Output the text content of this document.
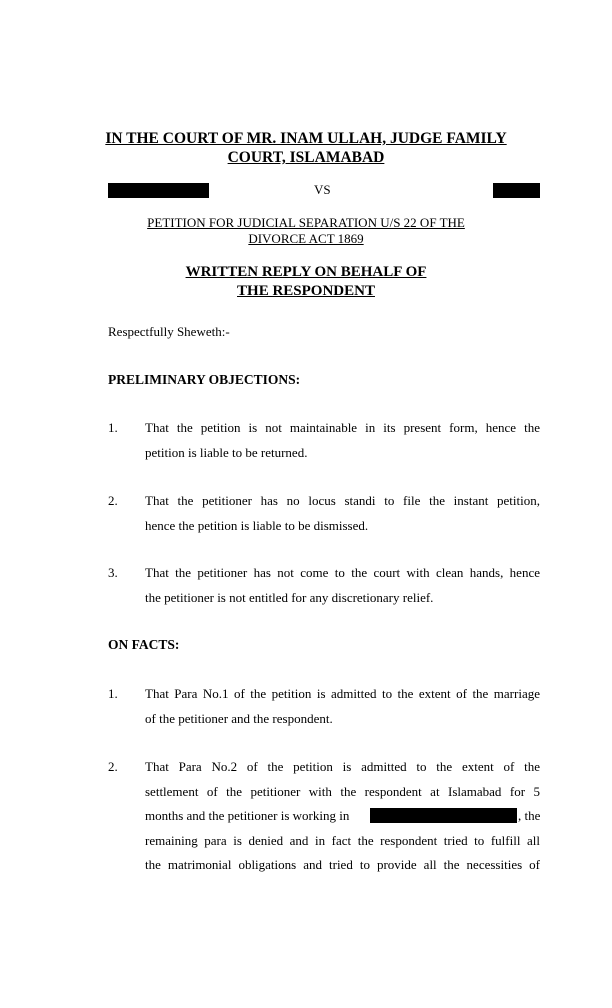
IN THE COURT OF MR. INAM ULLAH, JUDGE FAMILY
COURT, ISLAMABAD
VS
PETITION FOR JUDICIAL SEPARATION U/S 22 OF THE
DIVORCE ACT 1869
WRITTEN REPLY ON BEHALF OF
THE RESPONDENT
Respectfully Sheweth:-
PRELIMINARY OBJECTIONS:
1. That the petition is not maintainable in its present form, hence the
petition is liable to be returned.
2. That the petitioner has no locus standi to file the instant petition,
hence the petition is liable to be dismissed.
3. That the petitioner has not come to the court with clean hands, hence
the petitioner is not entitled for any discretionary relief.
ON FACTS:
1. That Para No.1 of the petition is admitted to the extent of the marriage
of the petitioner and the respondent.
2. That Para No.2 of the petition is admitted to the extent of the
settlement of the petitioner with the respondent at Islamabad for 5
months and the petitioner is working in	, the
remaining para is denied and in fact the respondent tried to fulfill all
the matrimonial obligations and tried to provide all the necessities of
